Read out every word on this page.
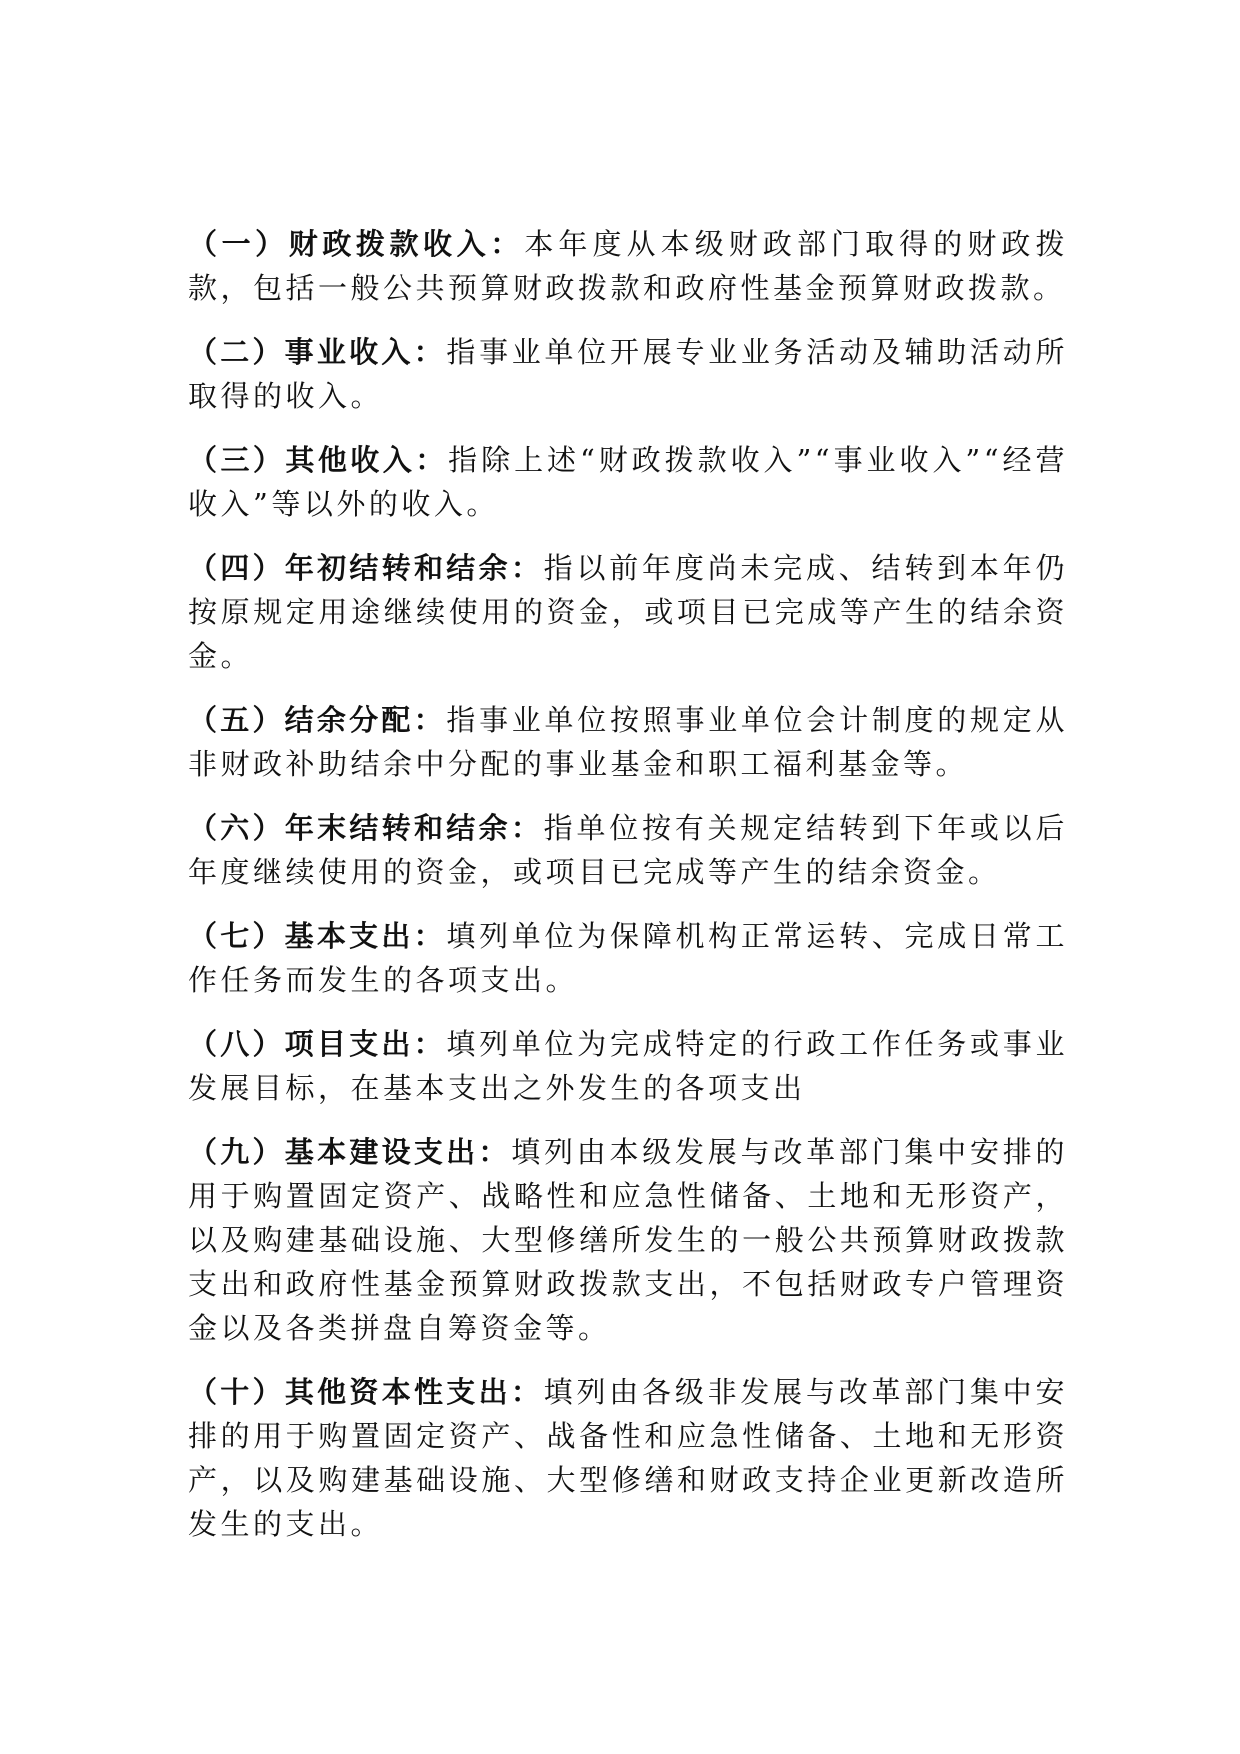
（一）财政拨款收入：本年度从本级财政部门取得的财政拨款，包括一般公共预算财政拨款和政府性基金预算财政拨款。

（二）事业收入：指事业单位开展专业业务活动及辅助活动所取得的收入。

（三）其他收入：指除上述“财政拨款收入”“事业收入”“经营收入”等以外的收入。

（四）年初结转和结余：指以前年度尚未完成、结转到本年仍按原规定用途继续使用的资金，或项目已完成等产生的结余资金。

（五）结余分配：指事业单位按照事业单位会计制度的规定从非财政补助结余中分配的事业基金和职工福利基金等。

（六）年末结转和结余：指单位按有关规定结转到下年或以后年度继续使用的资金，或项目已完成等产生的结余资金。

（七）基本支出：填列单位为保障机构正常运转、完成日常工作任务而发生的各项支出。

（八）项目支出：填列单位为完成特定的行政工作任务或事业发展目标，在基本支出之外发生的各项支出

（九）基本建设支出：填列由本级发展与改革部门集中安排的用于购置固定资产、战略性和应急性储备、土地和无形资产，以及购建基础设施、大型修缮所发生的一般公共预算财政拨款支出和政府性基金预算财政拨款支出，不包括财政专户管理资金以及各类拼盘自筹资金等。

（十）其他资本性支出：填列由各级非发展与改革部门集中安排的用于购置固定资产、战备性和应急性储备、土地和无形资产，以及购建基础设施、大型修缮和财政支持企业更新改造所发生的支出。
